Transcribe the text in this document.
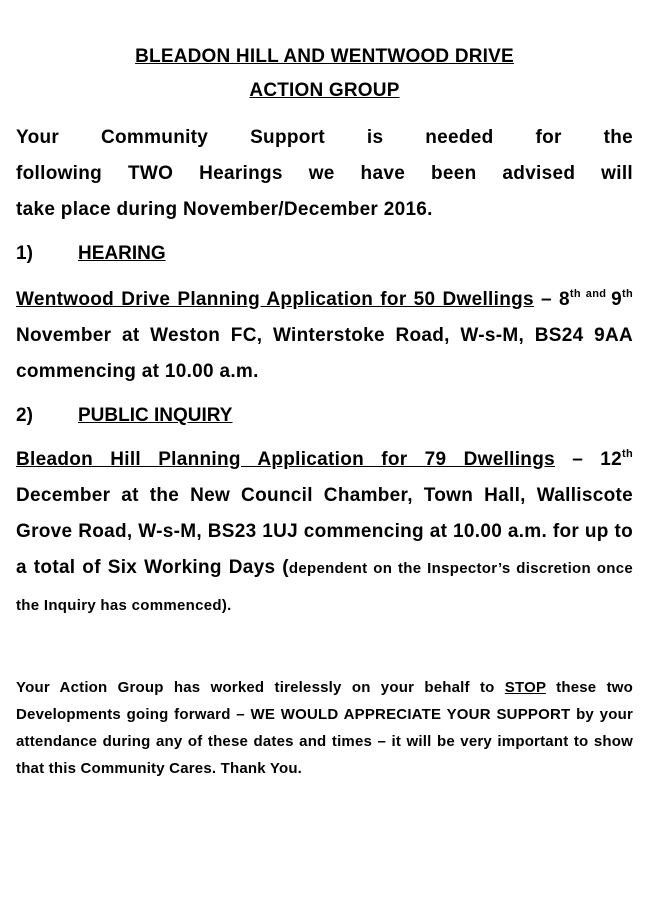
BLEADON HILL AND WENTWOOD DRIVE
ACTION GROUP
Your Community Support is needed for the
following TWO Hearings we have been advised will
take place during November/December 2016.
1)	HEARING
Wentwood Drive Planning Application for 50 Dwellings – 8th $^{and}$ 9th November at Weston FC, Winterstoke Road, W-s-M, BS24 9AA commencing at 10.00 a.m.
2)	PUBLIC INQUIRY
Bleadon Hill Planning Application for 79 Dwellings – 12th December at the New Council Chamber, Town Hall, Walliscote Grove Road, W-s-M, BS23 1UJ commencing at 10.00 a.m. for up to a total of Six Working Days (dependent on the Inspector’s discretion once the Inquiry has commenced).
Your Action Group has worked tirelessly on your behalf to STOP these two Developments going forward – WE WOULD APPRECIATE YOUR SUPPORT by your attendance during any of these dates and times – it will be very important to show that this Community Cares. Thank You.
